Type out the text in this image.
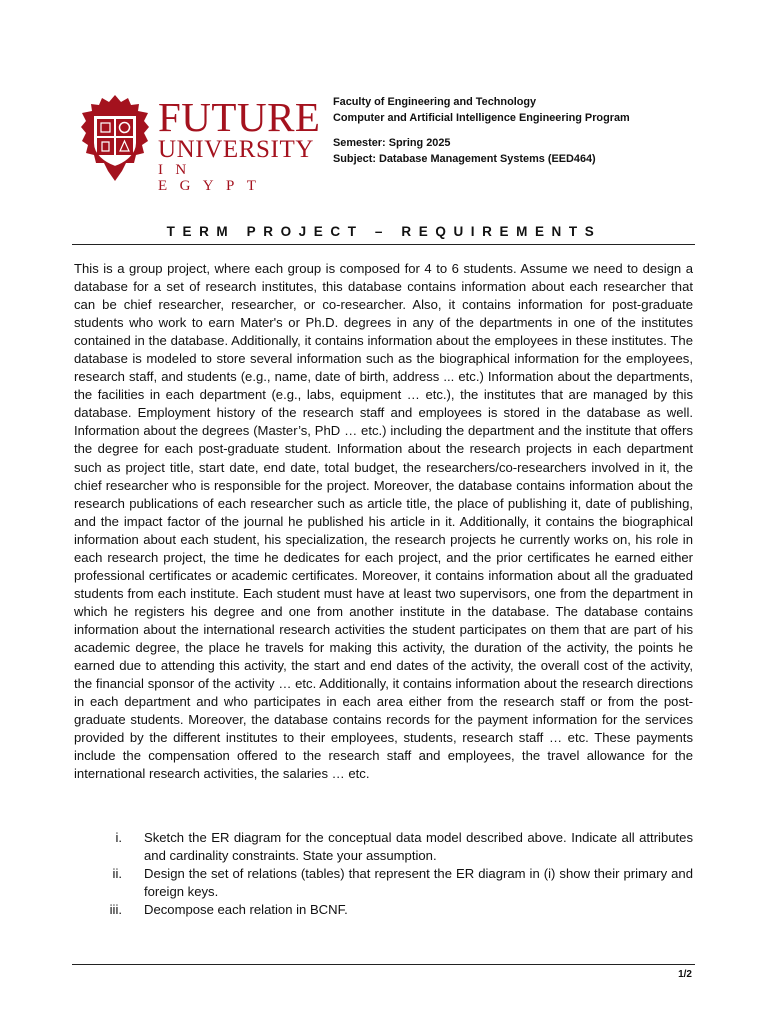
FUTURE
UNIVERSITY
IN EGYPT
Faculty of Engineering and Technology
Computer and Artificial Intelligence Engineering Program
Semester: Spring 2025
Subject: Database Management Systems (EED464)
TERM PROJECT – REQUIREMENTS
This is a group project, where each group is composed for 4 to 6 students. Assume we need to design a database for a set of research institutes, this database contains information about each researcher that can be chief researcher, researcher, or co-researcher. Also, it contains information for post-graduate students who work to earn Mater's or Ph.D. degrees in any of the departments in one of the institutes contained in the database. Additionally, it contains information about the employees in these institutes. The database is modeled to store several information such as the biographical information for the employees, research staff, and students (e.g., name, date of birth, address ... etc.) Information about the departments, the facilities in each department (e.g., labs, equipment … etc.), the institutes that are managed by this database. Employment history of the research staff and employees is stored in the database as well. Information about the degrees (Master’s, PhD … etc.) including the department and the institute that offers the degree for each post-graduate student. Information about the research projects in each department such as project title, start date, end date, total budget, the researchers/co-researchers involved in it, the chief researcher who is responsible for the project. Moreover, the database contains information about the research publications of each researcher such as article title, the place of publishing it, date of publishing, and the impact factor of the journal he published his article in it. Additionally, it contains the biographical information about each student, his specialization, the research projects he currently works on, his role in each research project, the time he dedicates for each project, and the prior certificates he earned either professional certificates or academic certificates. Moreover, it contains information about all the graduated students from each institute. Each student must have at least two supervisors, one from the department in which he registers his degree and one from another institute in the database. The database contains information about the international research activities the student participates on them that are part of his academic degree, the place he travels for making this activity, the duration of the activity, the points he earned due to attending this activity, the start and end dates of the activity, the overall cost of the activity, the financial sponsor of the activity … etc. Additionally, it contains information about the research directions in each department and who participates in each area either from the research staff or from the post-graduate students. Moreover, the database contains records for the payment information for the services provided by the different institutes to their employees, students, research staff … etc. These payments include the compensation offered to the research staff and employees, the travel allowance for the international research activities, the salaries … etc.
i. Sketch the ER diagram for the conceptual data model described above. Indicate all attributes and cardinality constraints. State your assumption.
ii. Design the set of relations (tables) that represent the ER diagram in (i) show their primary and foreign keys.
iii. Decompose each relation in BCNF.
1/2
